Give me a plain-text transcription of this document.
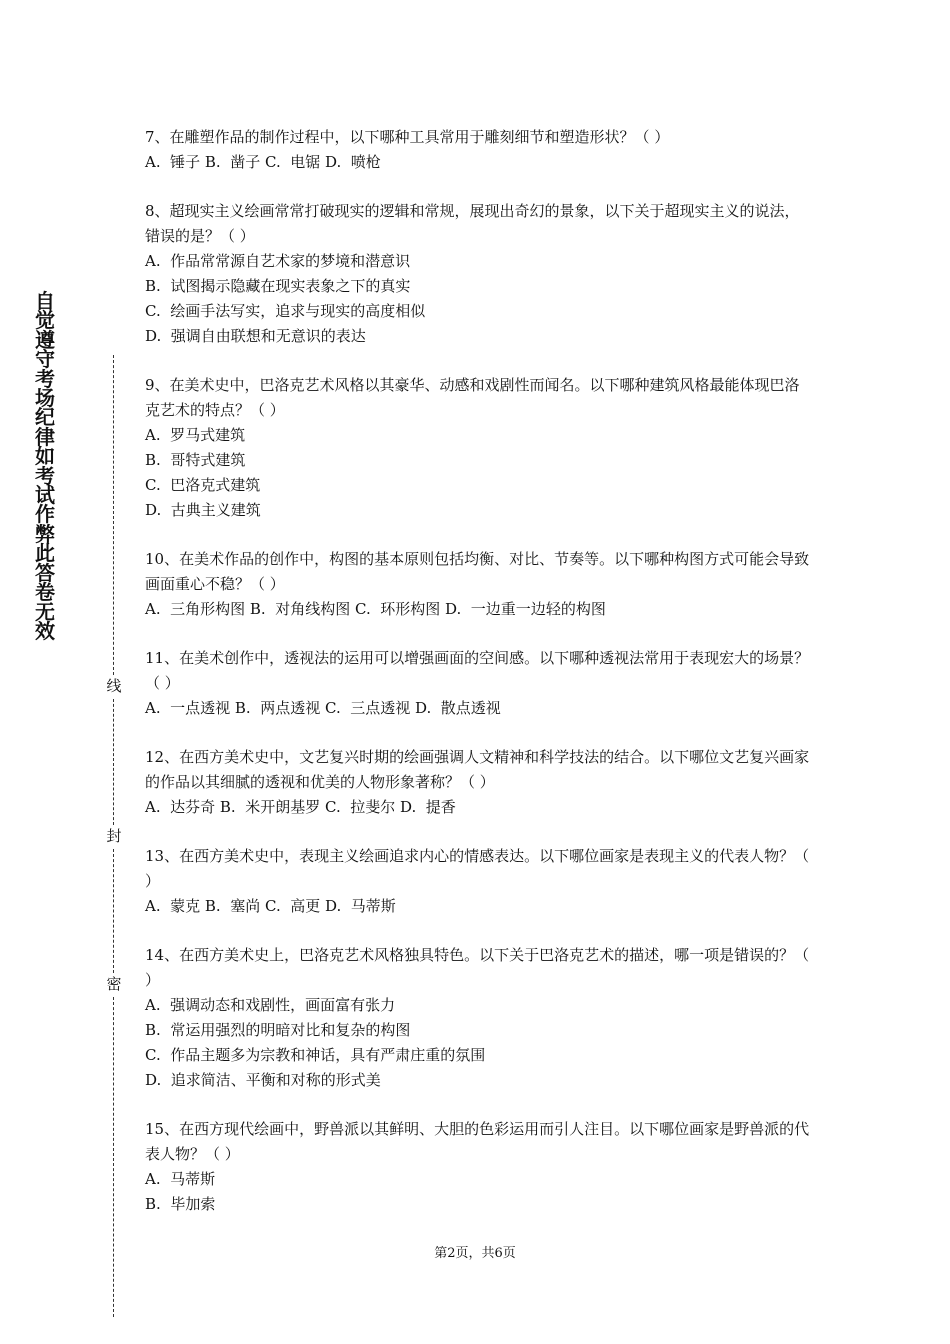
自觉遵守考场纪律如考试作弊此答卷无效
线
封
密

7、在雕塑作品的制作过程中，以下哪种工具常用于雕刻细节和塑造形状？（ ）

A.  锤子 B.  凿子 C.  电锯 D.  喷枪

8、超现实主义绘画常常打破现实的逻辑和常规，展现出奇幻的景象，以下关于超现实主义的说法，错误的是？（ ）

A.  作品常常源自艺术家的梦境和潜意识

B.  试图揭示隐藏在现实表象之下的真实

C.  绘画手法写实，追求与现实的高度相似

D.  强调自由联想和无意识的表达

9、在美术史中，巴洛克艺术风格以其豪华、动感和戏剧性而闻名。以下哪种建筑风格最能体现巴洛克艺术的特点？（ ）

A.  罗马式建筑

B.  哥特式建筑

C.  巴洛克式建筑

D.  古典主义建筑

10、在美术作品的创作中，构图的基本原则包括均衡、对比、节奏等。以下哪种构图方式可能会导致画面重心不稳？（ ）

A.  三角形构图 B.  对角线构图 C.  环形构图 D.  一边重一边轻的构图

11、在美术创作中，透视法的运用可以增强画面的空间感。以下哪种透视法常用于表现宏大的场景？（ ）

A.  一点透视 B.  两点透视 C.  三点透视 D.  散点透视

12、在西方美术史中，文艺复兴时期的绘画强调人文精神和科学技法的结合。以下哪位文艺复兴画家的作品以其细腻的透视和优美的人物形象著称？（ ）

A.  达芬奇 B.  米开朗基罗 C.  拉斐尔 D.  提香

13、在西方美术史中，表现主义绘画追求内心的情感表达。以下哪位画家是表现主义的代表人物？（ ）

A.  蒙克 B.  塞尚 C.  高更 D.  马蒂斯

14、在西方美术史上，巴洛克艺术风格独具特色。以下关于巴洛克艺术的描述，哪一项是错误的？（ ）

A.  强调动态和戏剧性，画面富有张力

B.  常运用强烈的明暗对比和复杂的构图

C.  作品主题多为宗教和神话，具有严肃庄重的氛围

D.  追求简洁、平衡和对称的形式美

15、在西方现代绘画中，野兽派以其鲜明、大胆的色彩运用而引人注目。以下哪位画家是野兽派的代表人物？（ ）

A.  马蒂斯

B.  毕加索

第2页，共6页
